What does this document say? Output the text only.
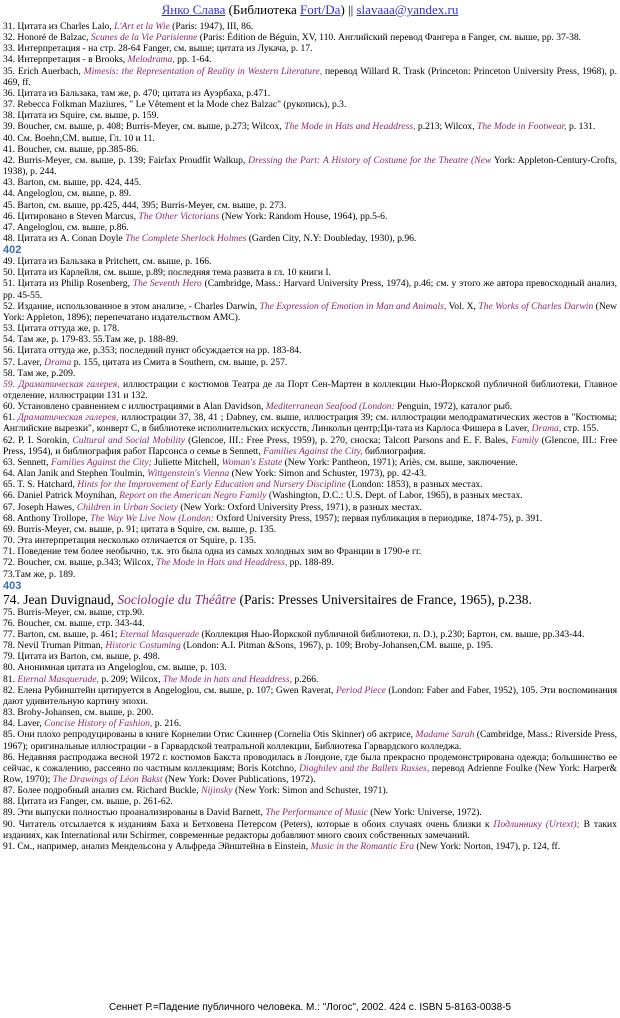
Янко Слава (Библиотека Fort/Da) || slavaaa@yandex.ru

31. Цитата из Charles Lalo, L'Art et la Wie (Paris: 1947), III, 86.

32. Honoré de Balzac, Scunes de la Vie Parisienne (Paris: Édition de Béguin, XV, 110. Английский перевод Фангера в Fanger, см. выше, pp. 37-38.

33. Интерпретация - на стр. 28-64 Fanger, см. выше; цитата из Лукача, p. 17.

34. Интерпретация - в Brooks, Melodrama, pp. 1-64.

35. Erich Auerbach, Mimesis: the Representation of Reality in Western Literature, перевод Willard R. Trask (Princeton: Princeton University Press, 1968), p. 469, ff.

36. Цитата из Бальзака, там же, p. 470; цитата из Ауэрбаха, p.471.

37. Rebecca Folkman Maziures, " Le Vêtement et la Mode chez Balzac" (рукопись), p.3.

38. Цитата из Squire, см. выше, p. 159.

39. Boucher, см. выше, p. 408; Burris-Meyer, см. выше, p.273; Wilcox, The Mode in Hats and Headdress, p.213; Wilcox, The Mode in Footwear, p. 131.

40. См. Boehn,CM. выше, Гл. 10 и 11.

41. Boucher, см. выше, pp.385-86.

42. Burris-Meyer, см. выше, p. 139; Fairfax Proudfit Walkup, Dressing the Part: A History of Costume for the Theatre (New York: Appleton-Century-Crofts, 1938), p. 244.

43. Barton, см. выше, pp. 424, 445.

44. Angeloglou, см. выше, p. 89.

45. Barton, см. выше, pp.425, 444, 395; Burris-Meyer, см. выше, p. 273.

46. Цитировано в Steven Marcus, The Other Victorians (New York: Random House, 1964), pp.5-6.

47. Angeloglou, см. выше, p.86.

48. Цитата из A. Conan Doyle The Complete Sherlock Holmes (Garden City, N.Y: Doubleday, 1930), p.96.

402

49. Цитата из Бальзака в Pritchett, см. выше, p. 166.

50. Цитата из Карлейля, см. выше, p.89; последняя тема развита в гл. 10 книги I.

51. Цитата из Philip Rosenberg, The Seventh Hero (Cambridge, Mass.: Harvard University Press, 1974), p.46; см. у этого же автора превосходный анализ, pp. 45-55.

52. Издание, использованное в этом анализе, - Charles Darwin, The Expression of Emotion in Man and Animals, Vol. X, The Works of Charles Darwin (New York: Appleton, 1896); перепечатано издательством АМС).

53. Цитата оттуда же, p. 178.

54. Там же, p. 179-83. 55.Там же, p. 188-89.

56. Цитата оттуда же, p.353; последний пункт обсуждается на pp. 183-84.

57. Laver, Drama p. 155, цитата из Смита в Southern, см. выше, p. 257.

58. Там же, p.209.

59. Драматическая галерея, иллюстрации с костюмов Театра де ла Порт Сен-Мартен в коллекции Нью-Йоркской публичной библиотеки, Главное отделение, иллюстрации 131 и 132.

60. Установлено сравнением с иллюстрациями в Alan Davidson, Mediterranean Seafood (London: Penguin, 1972), каталог рыб.

61. Драматическая галерея, иллюстрации 37, 38, 41 ; Dabney, см. выше, иллюстрация 39; см. иллюстрации мелодраматических жестов в "Костюмы; Английские вырезки", конверт С, в библиотеке исполнительских искусств, Линкольн центр;Ци-тата из Карлоса Фишера в Laver, Drama, стр. 155.

62. P. I. Sorokin, Cultural and Social Mobility (Glencoe, III.: Free Press, 1959), p. 270, сноска; Talcott Parsons and E. F. Bales, Family (Glencoe, III.: Free Press, 1954), и библиография работ Парсонса о семье в Sennett, Families Against the City, библиография.

63. Sennett, Families Against the City; Juliette Mitchell, Woman's Estate (New York: Pantheon, 1971); Ariès, см. выше, заключение.

64. Alan Janik and Stephen Toulmin, Wittgenstein's Vienna (New York: Simon and Schuster, 1973), pp. 42-43.

65. T. S. Hatchard, Hints for the Improvement of Early Education and Nursery Discipline (London: 1853), в разных местах.

66. Daniel Patrick Moynihan, Report on the American Negro Family (Washington, D.C.: U.S. Dept. of Labor, 1965), в разных местах.

67. Joseph Hawes, Children in Urban Society (New York: Oxford University Press, 1971), в разных местах.

68. Anthony Trollope, The Way We Live Now (London: Oxford University Press, 1957); первая публикация в периодике, 1874-75), p. 391.

69. Burris-Meyer, см. выше, p. 91; цитата в Squire, см. выше, p. 135.

70. Эта интерпретация несколько отличается от Squire, p. 135.

71. Поведение тем более необычно, т.к. это была одна из самых холодных зим во Франции в 1790-е гг.

72. Boucher, см. выше, p.343; Wilcox, The Mode in Hats and Headdress, pp. 188-89.

73.Там же, p. 189.

403

74. Jean Duvignaud, Sociologie du Théâtre (Paris: Presses Universitaires de France, 1965), p.238.

75. Burris-Meyer, см. выше, стр.90.

76. Boucher, см. выше, стр. 343-44.

77. Barton, см. выше, p. 461; Eternal Masquerade (Коллекция Нью-Йоркской публичной библиотеки, п. D.), p.230; Бартон, см. выше, pp.343-44.

78. Nevil Truman Pitman, Historic Costuming (London: A.I. Pitman &Sons, 1967), p. 109; Broby-Johansen,CM. выше, p. 195.

79. Цитата из Barton, см. выше, p. 498.

80. Анонимная цитата из Angeloglou, см. выше, p. 103.

81. Eternal Masquerade, p. 209; Wilcox, The Mode in hats and Headdress, p.266.

82. Елена Рубинштейн цитируется в Angeloglou, см. выше, p. 107; Gwen Raverat, Period Piece (London: Faber and Faber, 1952), 105. Эти воспоминания дают удивительную картину эпохи.

83. Broby-Johansen, см. выше, p. 200.

84. Laver, Concise History of Fashion, p. 216.

85. Они плохо репродуцированы в книге Корнелии Отис Скиннер (Cornelia Otis Skinner) об актрисе, Madame Sarah (Cambridge, Mass.: Riverside Press, 1967); оригинальные иллюстрации - в Гарвардской театральной коллекции, Библиотека Гарвардского колледжа.

86. Недавняя распродажа весной 1972 г. костюмов Бакста проводилась в Лондоне, где была прекрасно продемонстрирована одежда; большинство ее сейчас, к сожалению, рассеяно по частным коллекциям; Boris Kotchno, Diaghilev and the Ballets Russes, перевод Adrienne Foulke (New York: Harper& Row, 1970); The Drawings of Léon Bakst (New York: Dover Publications, 1972).

87. Более подробный анализ см. Richard Buckle, Nijinsky (New York: Simon and Schuster, 1971).

88. Цитата из Fanger, см. выше, p. 261-62.

89. Эти выпуски полностью проанализированы в David Barnett, The Performance of Music (New York: Universe, 1972).

90. Читатель отсылается к изданиям Баха и Бетховена Петерсом (Peters), которые в обоих случаях очень близки к Подлиннику (Urtext); В таких изданиях, как International или Schirmer, современные редакторы добавляют много своих собственных замечаний.

91. См., например, анализ Мендельсона у Альфреда Эйнштейна в Einstein, Music in the Romantic Era (New York: Norton, 1947), p. 124, ff.

Сеннет Р.=Падение публичного человека. М.: "Логос", 2002. 424 с. ISBN 5-8163-0038-5
